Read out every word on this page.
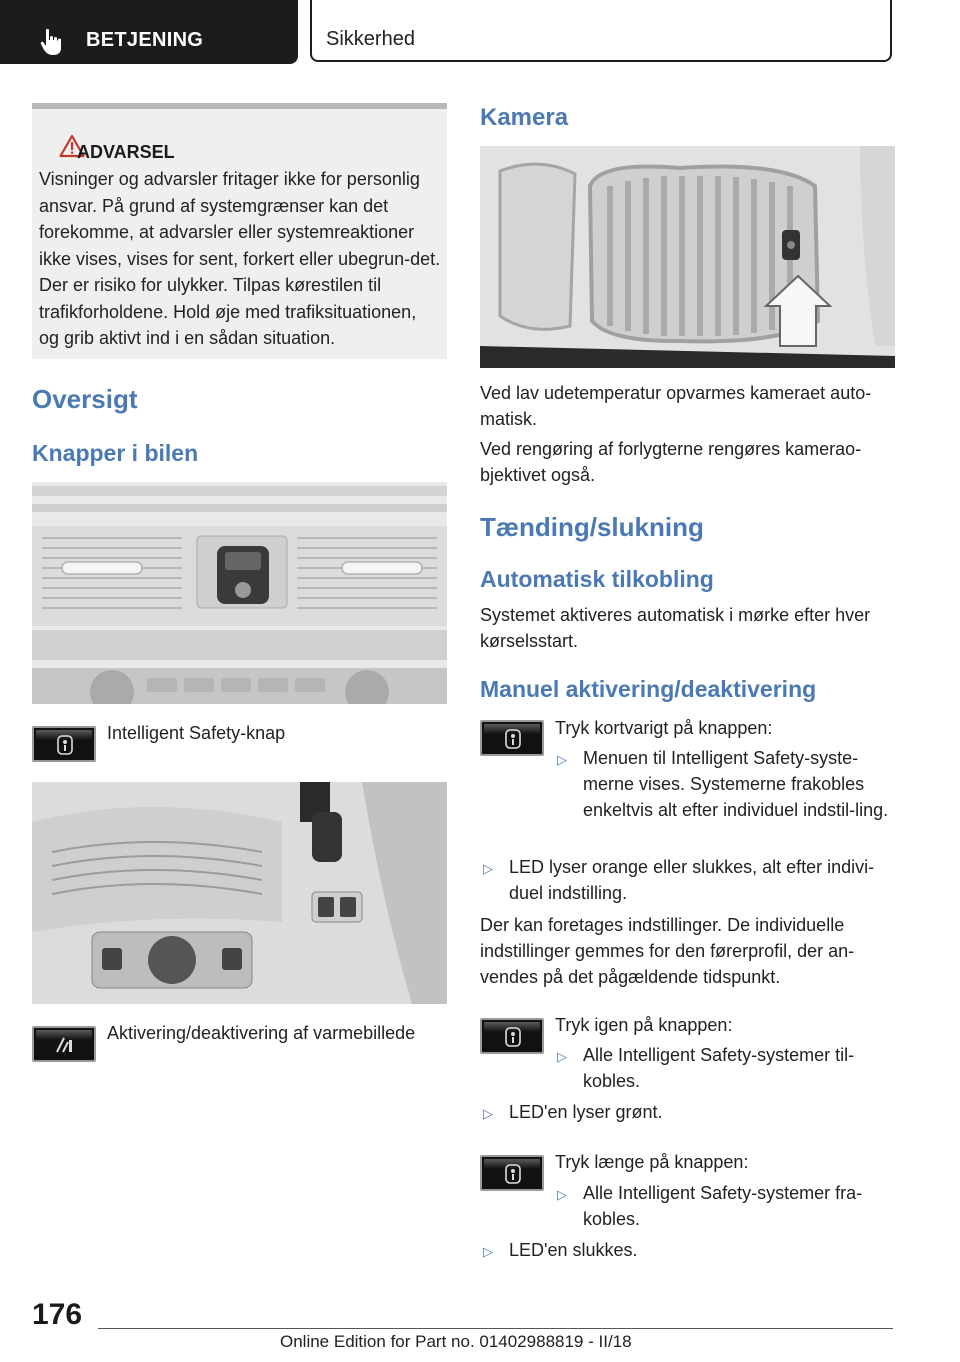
BETJENING	Sikkerhed
ADVARSEL
Visninger og advarsler fritager ikke for personlig ansvar. På grund af systemgrænser kan det forekomme, at advarsler eller systemreaktioner ikke vises, vises for sent, forkert eller ubegrun-det. Der er risiko for ulykker. Tilpas kørestilen til trafikforholdene. Hold øje med trafiksituationen, og grib aktivt ind i en sådan situation.
Oversigt
Knapper i bilen

Intelligent Safety-knap

Aktivering/deaktivering af varmebillede

Kamera

Ved lav udetemperatur opvarmes kameraet auto-matisk.

Ved rengøring af forlygterne rengøres kamerao-bjektivet også.

Tænding/slukning
Automatisk tilkobling

Systemet aktiveres automatisk i mørke efter hver kørselsstart.

Manuel aktivering/deaktivering

Tryk kortvarigt på knappen:

▷ Menuen til Intelligent Safety-syste-merne vises. Systemerne frakobles enkeltvis alt efter individuel indstil-ling.

▷ LED lyser orange eller slukkes, alt efter indivi-duel indstilling.

Der kan foretages indstillinger. De individuelle indstillinger gemmes for den førerprofil, der an-vendes på det pågældende tidspunkt.

Tryk igen på knappen:

▷ Alle Intelligent Safety-systemer til-kobles.

▷ LED'en lyser grønt.

Tryk længe på knappen:

▷ Alle Intelligent Safety-systemer fra-kobles.

▷ LED'en slukkes.

176
Online Edition for Part no. 01402988819 - II/18
